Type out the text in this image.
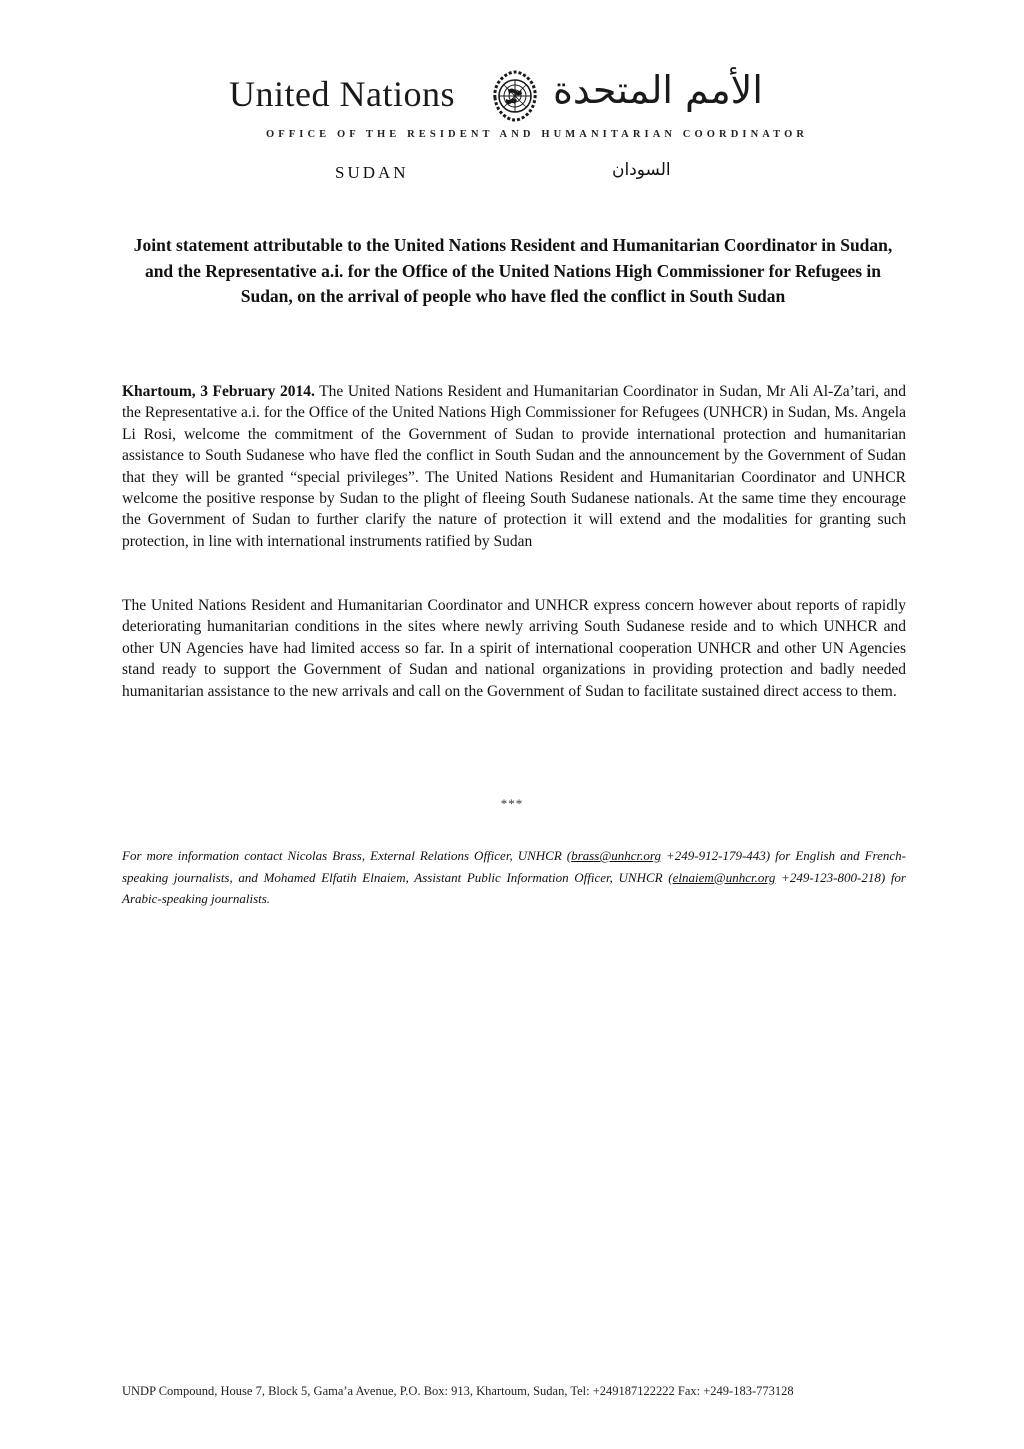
United Nations	الأمم المتحدة
OFFICE OF THE RESIDENT AND HUMANITARIAN COORDINATOR
SUDAN	السودان

Joint statement attributable to the United Nations Resident and Humanitarian Coordinator in Sudan, and the Representative a.i. for the Office of the United Nations High Commissioner for Refugees in Sudan, on the arrival of people who have fled the conflict in South Sudan

Khartoum, 3 February 2014. The United Nations Resident and Humanitarian Coordinator in Sudan, Mr Ali Al-Za’tari, and the Representative a.i. for the Office of the United Nations High Commissioner for Refugees (UNHCR) in Sudan, Ms. Angela Li Rosi, welcome the commitment of the Government of Sudan to provide international protection and humanitarian assistance to South Sudanese who have fled the conflict in South Sudan and the announcement by the Government of Sudan that they will be granted “special privileges”. The United Nations Resident and Humanitarian Coordinator and UNHCR welcome the positive response by Sudan to the plight of fleeing South Sudanese nationals. At the same time they encourage the Government of Sudan to further clarify the nature of protection it will extend and the modalities for granting such protection, in line with international instruments ratified by Sudan

The United Nations Resident and Humanitarian Coordinator and UNHCR express concern however about reports of rapidly deteriorating humanitarian conditions in the sites where newly arriving South Sudanese reside and to which UNHCR and other UN Agencies have had limited access so far. In a spirit of international cooperation UNHCR and other UN Agencies stand ready to support the Government of Sudan and national organizations in providing protection and badly needed humanitarian assistance to the new arrivals and call on the Government of Sudan to facilitate sustained direct access to them.

***

For more information contact Nicolas Brass, External Relations Officer, UNHCR (brass@unhcr.org +249-912-179-443) for English and French-speaking journalists, and Mohamed Elfatih Elnaiem, Assistant Public Information Officer, UNHCR (elnaiem@unhcr.org +249-123-800-218) for Arabic-speaking journalists.

UNDP Compound, House 7, Block 5, Gama’a Avenue, P.O. Box: 913, Khartoum, Sudan, Tel: +249187122222 Fax: +249-183-773128
